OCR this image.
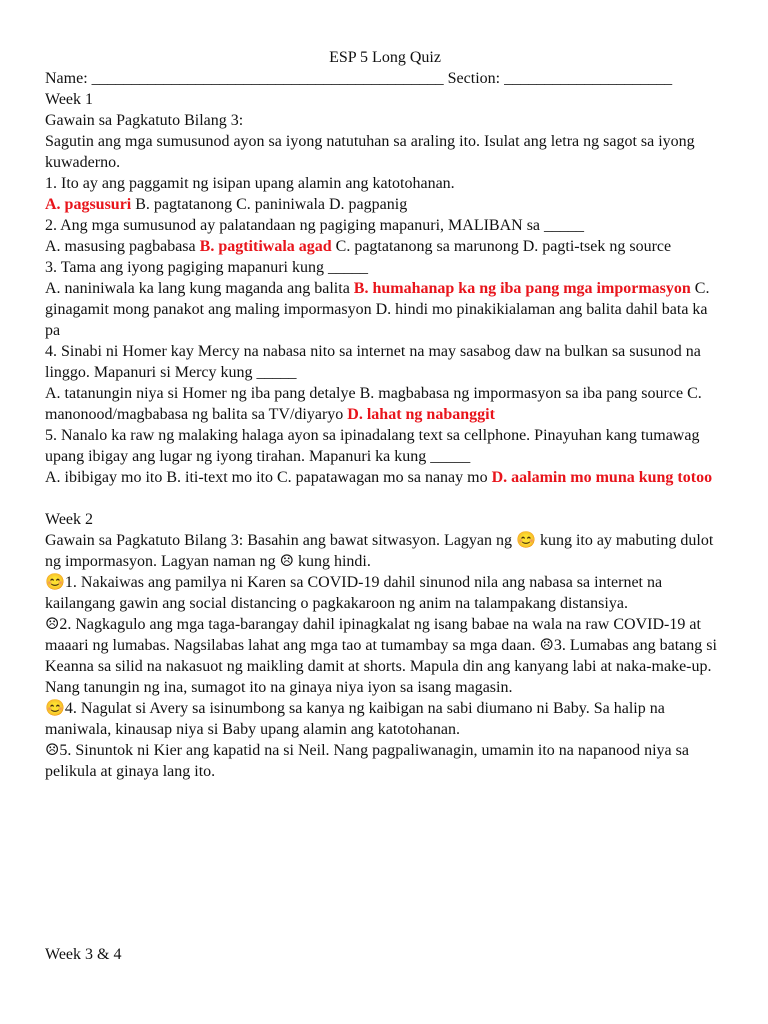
ESP 5 Long Quiz

Name: ____________________________________________ Section: _____________________

Week 1

Gawain sa Pagkatuto Bilang 3:

Sagutin ang mga sumusunod ayon sa iyong natutuhan sa araling ito. Isulat ang letra ng sagot sa iyong kuwaderno.

1. Ito ay ang paggamit ng isipan upang alamin ang katotohanan.

A. pagsusuri B. pagtatanong C. paniniwala D. pagpanig

2. Ang mga sumusunod ay palatandaan ng pagiging mapanuri, MALIBAN sa _____

A. masusing pagbabasa B. pagtitiwala agad C. pagtatanong sa marunong D. pagti-tsek ng source

3. Tama ang iyong pagiging mapanuri kung _____

A. naniniwala ka lang kung maganda ang balita B. humahanap ka ng iba pang mga impormasyon C. ginagamit mong panakot ang maling impormasyon D. hindi mo pinakikialaman ang balita dahil bata ka pa

4. Sinabi ni Homer kay Mercy na nabasa nito sa internet na may sasabog daw na bulkan sa susunod na linggo. Mapanuri si Mercy kung _____

A. tatanungin niya si Homer ng iba pang detalye B. magbabasa ng impormasyon sa iba pang source C. manonood/magbabasa ng balita sa TV/diyaryo D. lahat ng nabanggit

5. Nanalo ka raw ng malaking halaga ayon sa ipinadalang text sa cellphone. Pinayuhan kang tumawag upang ibigay ang lugar ng iyong tirahan. Mapanuri ka kung _____

A. ibibigay mo ito B. iti-text mo ito C. papatawagan mo sa nanay mo D. aalamin mo muna kung totoo

Week 2

Gawain sa Pagkatuto Bilang 3: Basahin ang bawat sitwasyon. Lagyan ng 😊 kung ito ay mabuting dulot ng impormasyon. Lagyan naman ng ☹ kung hindi.

😊1. Nakaiwas ang pamilya ni Karen sa COVID-19 dahil sinunod nila ang nabasa sa internet na kailangang gawin ang social distancing o pagkakaroon ng anim na talampakang distansiya.

☹2. Nagkagulo ang mga taga-barangay dahil ipinagkalat ng isang babae na wala na raw COVID-19 at maaari ng lumabas. Nagsilabas lahat ang mga tao at tumambay sa mga daan. ☹3. Lumabas ang batang si Keanna sa silid na nakasuot ng maikling damit at shorts. Mapula din ang kanyang labi at naka-make-up. Nang tanungin ng ina, sumagot ito na ginaya niya iyon sa isang magasin.

😊4. Nagulat si Avery sa isinumbong sa kanya ng kaibigan na sabi diumano ni Baby. Sa halip na maniwala, kinausap niya si Baby upang alamin ang katotohanan.

☹5. Sinuntok ni Kier ang kapatid na si Neil. Nang pagpaliwanagin, umamin ito na napanood niya sa pelikula at ginaya lang ito.

Week 3 & 4
